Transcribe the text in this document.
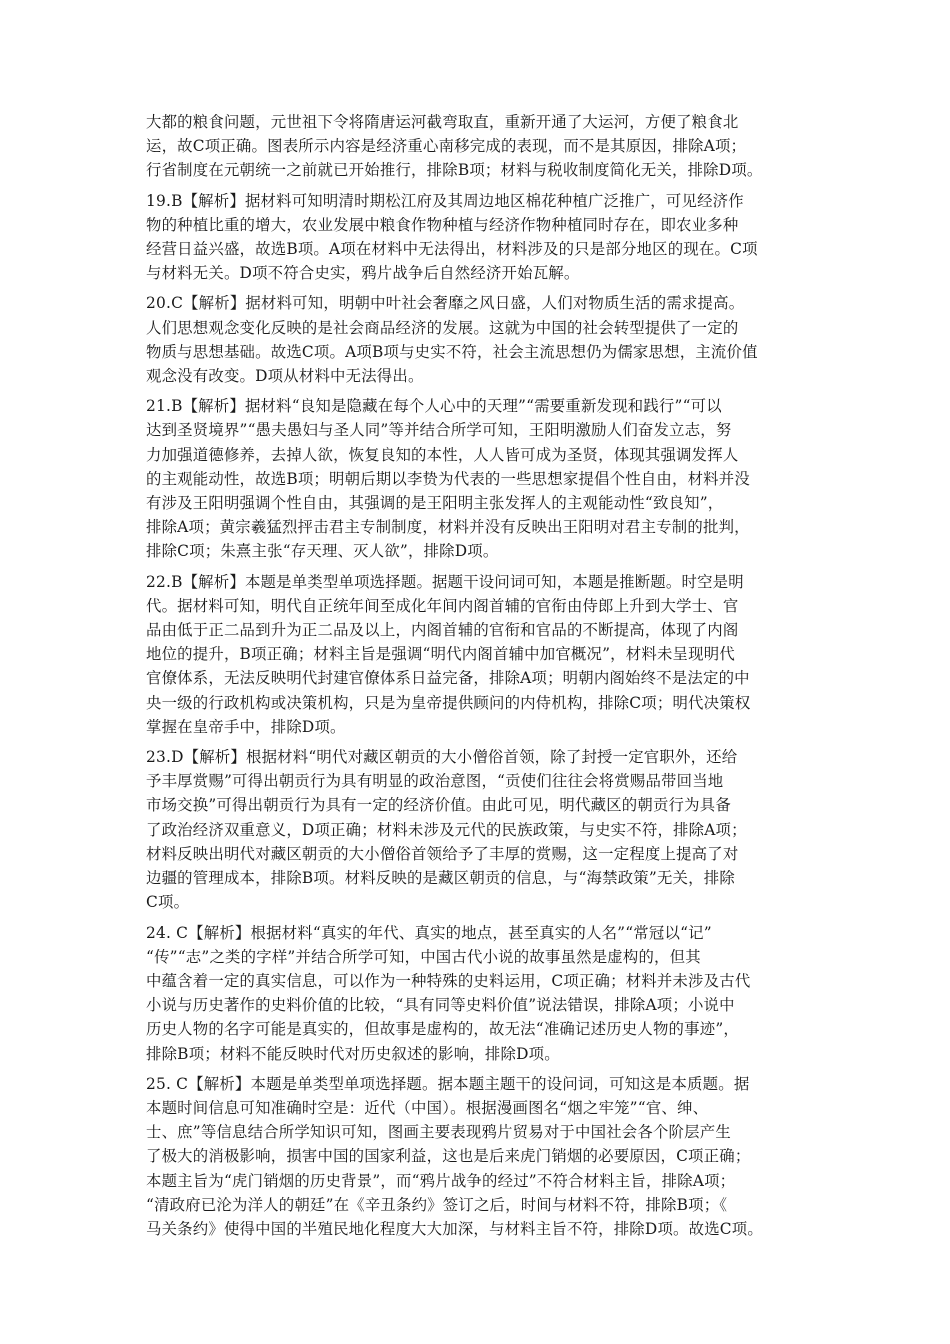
大都的粮食问题，元世祖下令将隋唐运河截弯取直，重新开通了大运河，方便了粮食北
运，故C项正确。图表所示内容是经济重心南移完成的表现，而不是其原因，排除A项；
行省制度在元朝统一之前就已开始推行，排除B项；材料与税收制度简化无关，排除D项。
19.B【解析】据材料可知明清时期松江府及其周边地区棉花种植广泛推广，可见经济作
物的种植比重的增大，农业发展中粮食作物种植与经济作物种植同时存在，即农业多种
经营日益兴盛，故选B项。A项在材料中无法得出，材料涉及的只是部分地区的现在。C项
与材料无关。D项不符合史实，鸦片战争后自然经济开始瓦解。
20.C【解析】据材料可知，明朝中叶社会奢靡之风日盛，人们对物质生活的需求提高。
人们思想观念变化反映的是社会商品经济的发展。这就为中国的社会转型提供了一定的
物质与思想基础。故选C项。A项B项与史实不符，社会主流思想仍为儒家思想，主流价值
观念没有改变。D项从材料中无法得出。
21.B【解析】据材料“良知是隐藏在每个人心中的天理”“需要重新发现和践行”“可以
达到圣贤境界”“愚夫愚妇与圣人同”等并结合所学可知，王阳明激励人们奋发立志，努
力加强道德修养，去掉人欲，恢复良知的本性，人人皆可成为圣贤，体现其强调发挥人
的主观能动性，故选B项；明朝后期以李贽为代表的一些思想家提倡个性自由，材料并没
有涉及王阳明强调个性自由，其强调的是王阳明主张发挥人的主观能动性“致良知”，
排除A项；黄宗羲猛烈抨击君主专制制度，材料并没有反映出王阳明对君主专制的批判，
排除C项；朱熹主张“存天理、灭人欲”，排除D项。
22.B【解析】本题是单类型单项选择题。据题干设问词可知，本题是推断题。时空是明
代。据材料可知，明代自正统年间至成化年间内阁首辅的官衔由侍郎上升到大学士、官
品由低于正二品到升为正二品及以上，内阁首辅的官衔和官品的不断提高，体现了内阁
地位的提升，B项正确；材料主旨是强调“明代内阁首辅中加官概况”，材料未呈现明代
官僚体系，无法反映明代封建官僚体系日益完备，排除A项；明朝内阁始终不是法定的中
央一级的行政机构或决策机构，只是为皇帝提供顾问的内侍机构，排除C项；明代决策权
掌握在皇帝手中，排除D项。
23.D【解析】根据材料“明代对藏区朝贡的大小僧俗首领，除了封授一定官职外，还给
予丰厚赏赐”可得出朝贡行为具有明显的政治意图，“贡使们往往会将赏赐品带回当地
市场交换”可得出朝贡行为具有一定的经济价值。由此可见，明代藏区的朝贡行为具备
了政治经济双重意义，D项正确；材料未涉及元代的民族政策，与史实不符，排除A项；
材料反映出明代对藏区朝贡的大小僧俗首领给予了丰厚的赏赐，这一定程度上提高了对
边疆的管理成本，排除B项。材料反映的是藏区朝贡的信息，与“海禁政策”无关，排除
C项。
24. C【解析】根据材料“真实的年代、真实的地点，甚至真实的人名”“常冠以“记”
“传”“志”之类的字样”并结合所学可知，中国古代小说的故事虽然是虚构的，但其
中蕴含着一定的真实信息，可以作为一种特殊的史料运用，C项正确；材料并未涉及古代
小说与历史著作的史料价值的比较，“具有同等史料价值”说法错误，排除A项；小说中
历史人物的名字可能是真实的，但故事是虚构的，故无法“准确记述历史人物的事迹”，
排除B项；材料不能反映时代对历史叙述的影响，排除D项。
25. C【解析】本题是单类型单项选择题。据本题主题干的设问词，可知这是本质题。据
本题时间信息可知准确时空是：近代（中国）。根据漫画图名“烟之牢笼”“官、绅、
士、庶”等信息结合所学知识可知，图画主要表现鸦片贸易对于中国社会各个阶层产生
了极大的消极影响，损害中国的国家利益，这也是后来虎门销烟的必要原因，C项正确；
本题主旨为“虎门销烟的历史背景”，而“鸦片战争的经过”不符合材料主旨，排除A项；
“清政府已沦为洋人的朝廷”在《辛丑条约》签订之后，时间与材料不符，排除B项；《
马关条约》使得中国的半殖民地化程度大大加深，与材料主旨不符，排除D项。故选C项。
